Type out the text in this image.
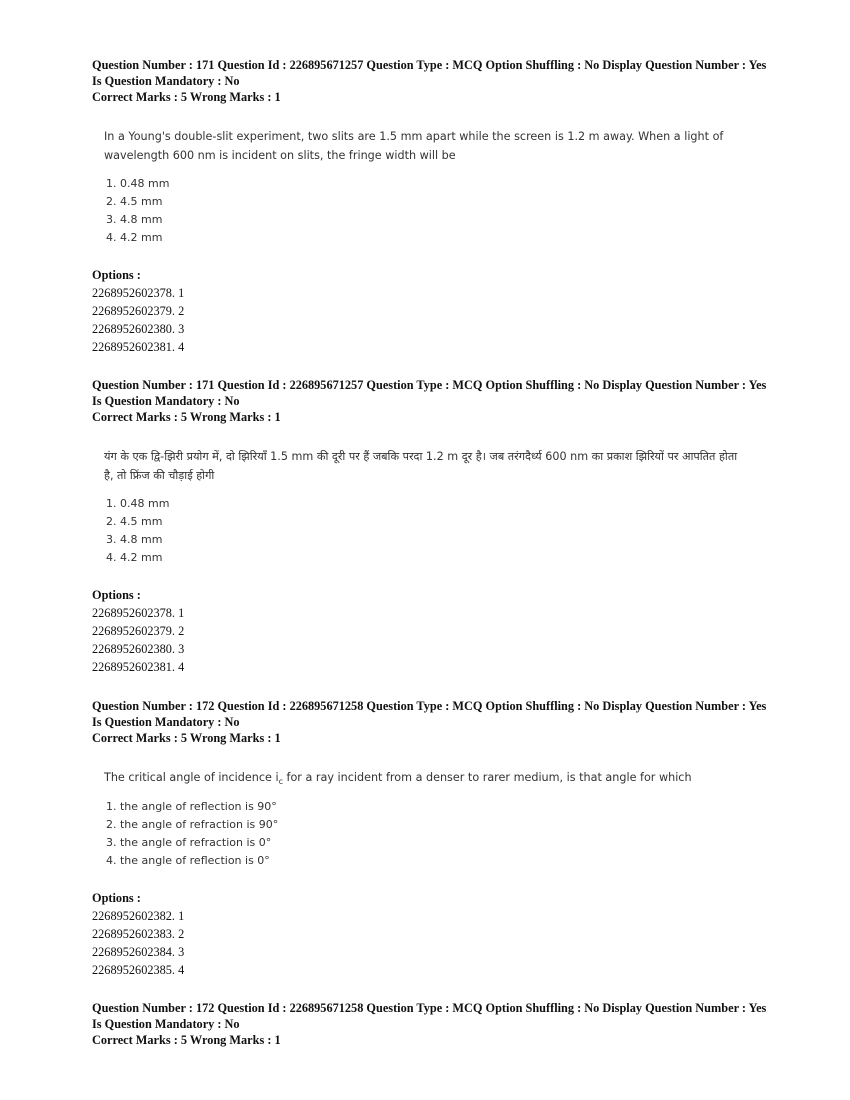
Question Number : 171 Question Id : 226895671257 Question Type : MCQ Option Shuffling : No Display Question Number : Yes Is Question Mandatory : No
Correct Marks : 5 Wrong Marks : 1
In a Young's double-slit experiment, two slits are 1.5 mm apart while the screen is 1.2 m away. When a light of wavelength 600 nm is incident on slits, the fringe width will be
1. 0.48 mm
2. 4.5 mm
3. 4.8 mm
4. 4.2 mm
Options :
2268952602378. 1
2268952602379. 2
2268952602380. 3
2268952602381. 4
Question Number : 171 Question Id : 226895671257 Question Type : MCQ Option Shuffling : No Display Question Number : Yes Is Question Mandatory : No
Correct Marks : 5 Wrong Marks : 1
यंग के एक द्वि-झिरी प्रयोग में, दो झिरियाँ 1.5 mm की दूरी पर हैं जबकि परदा 1.2 m दूर है। जब तरंगदैर्ध्य 600 nm का प्रकाश झिरियों पर आपतित होता है, तो फ्रिंज की चौड़ाई होगी
1. 0.48 mm
2. 4.5 mm
3. 4.8 mm
4. 4.2 mm
Options :
2268952602378. 1
2268952602379. 2
2268952602380. 3
2268952602381. 4
Question Number : 172 Question Id : 226895671258 Question Type : MCQ Option Shuffling : No Display Question Number : Yes Is Question Mandatory : No
Correct Marks : 5 Wrong Marks : 1
The critical angle of incidence $i_c$ for a ray incident from a denser to rarer medium, is that angle for which
1. the angle of reflection is 90°
2. the angle of refraction is 90°
3. the angle of refraction is 0°
4. the angle of reflection is 0°
Options :
2268952602382. 1
2268952602383. 2
2268952602384. 3
2268952602385. 4
Question Number : 172 Question Id : 226895671258 Question Type : MCQ Option Shuffling : No Display Question Number : Yes Is Question Mandatory : No
Correct Marks : 5 Wrong Marks : 1
